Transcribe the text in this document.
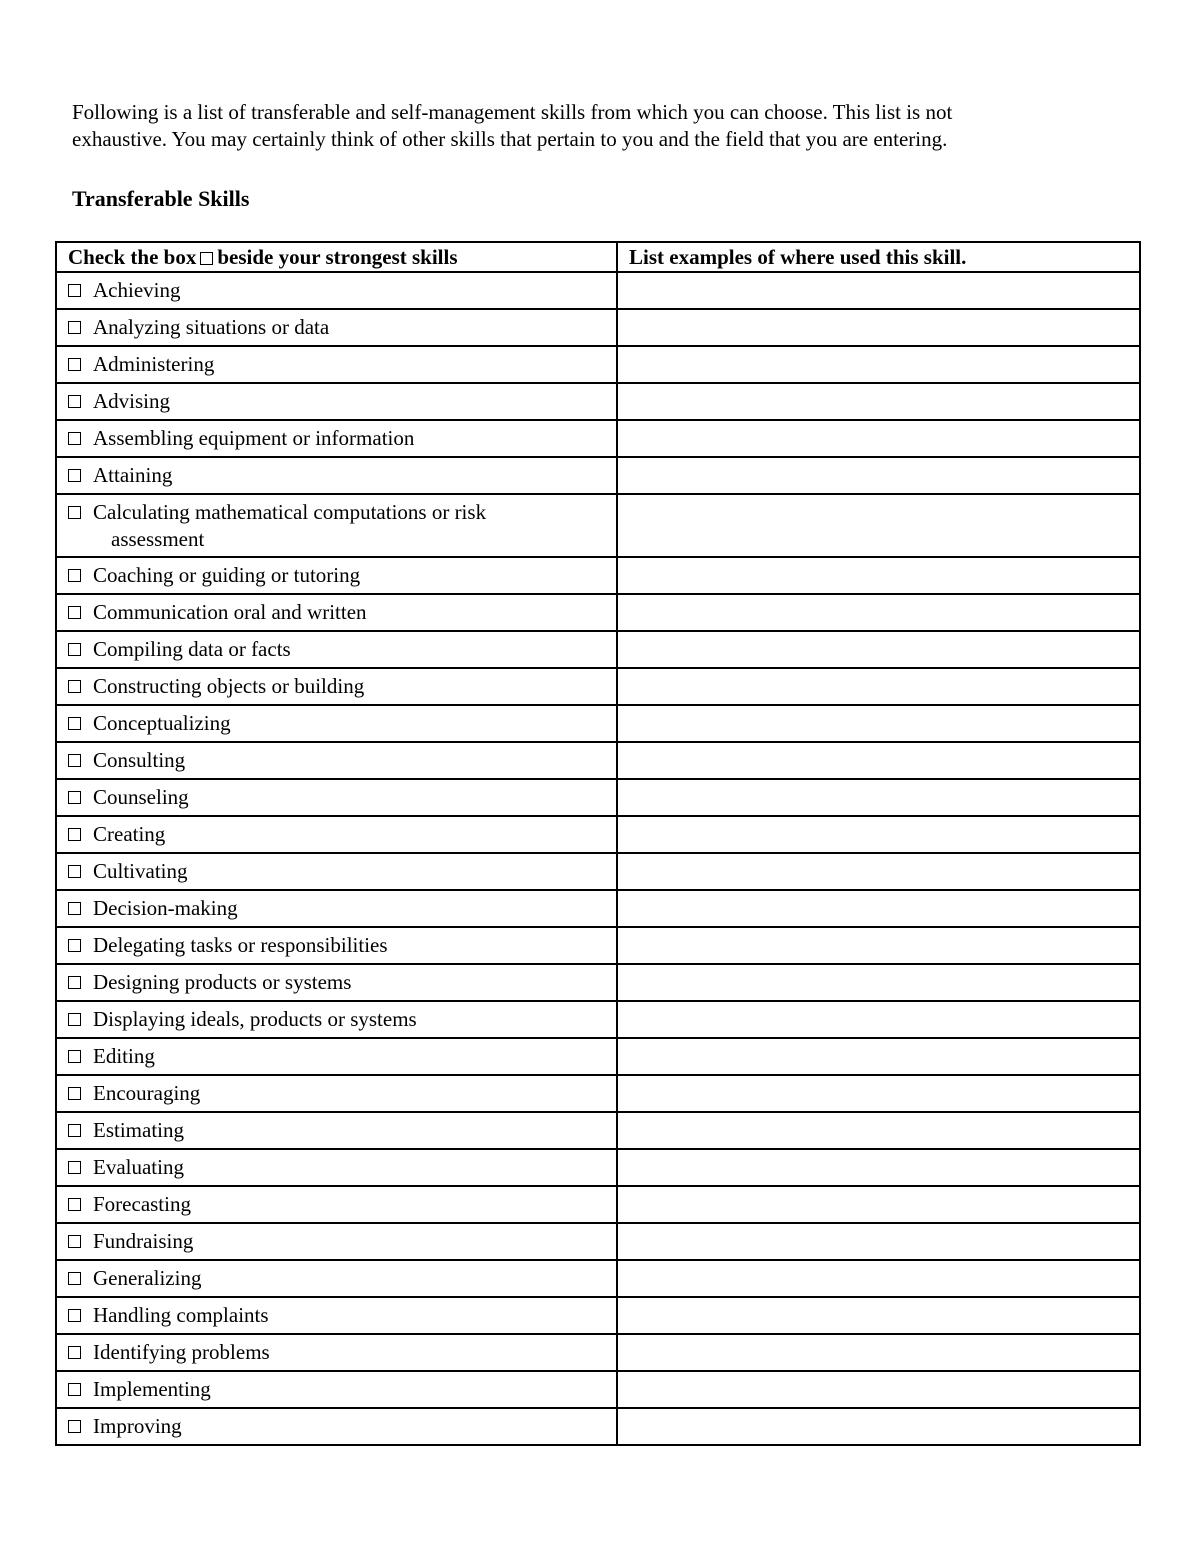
Following is a list of transferable and self-management skills from which you can choose. This list is not

exhaustive. You may certainly think of other skills that pertain to you and the field that you are entering.

Transferable Skills
Check the box beside your strongest skills	List examples of where used this skill.

Achieving	

Analyzing situations or data	

Administering	

Advising	

Assembling equipment or information	

Attaining	

Calculating mathematical computations or risk
assessment	

Coaching or guiding or tutoring	

Communication oral and written	

Compiling data or facts	

Constructing objects or building	

Conceptualizing	

Consulting	

Counseling	

Creating	

Cultivating	

Decision-making	

Delegating tasks or responsibilities	

Designing products or systems	

Displaying ideals, products or systems	

Editing	

Encouraging	

Estimating	

Evaluating	

Forecasting	

Fundraising	

Generalizing	

Handling complaints	

Identifying problems	

Implementing	

Improving	
